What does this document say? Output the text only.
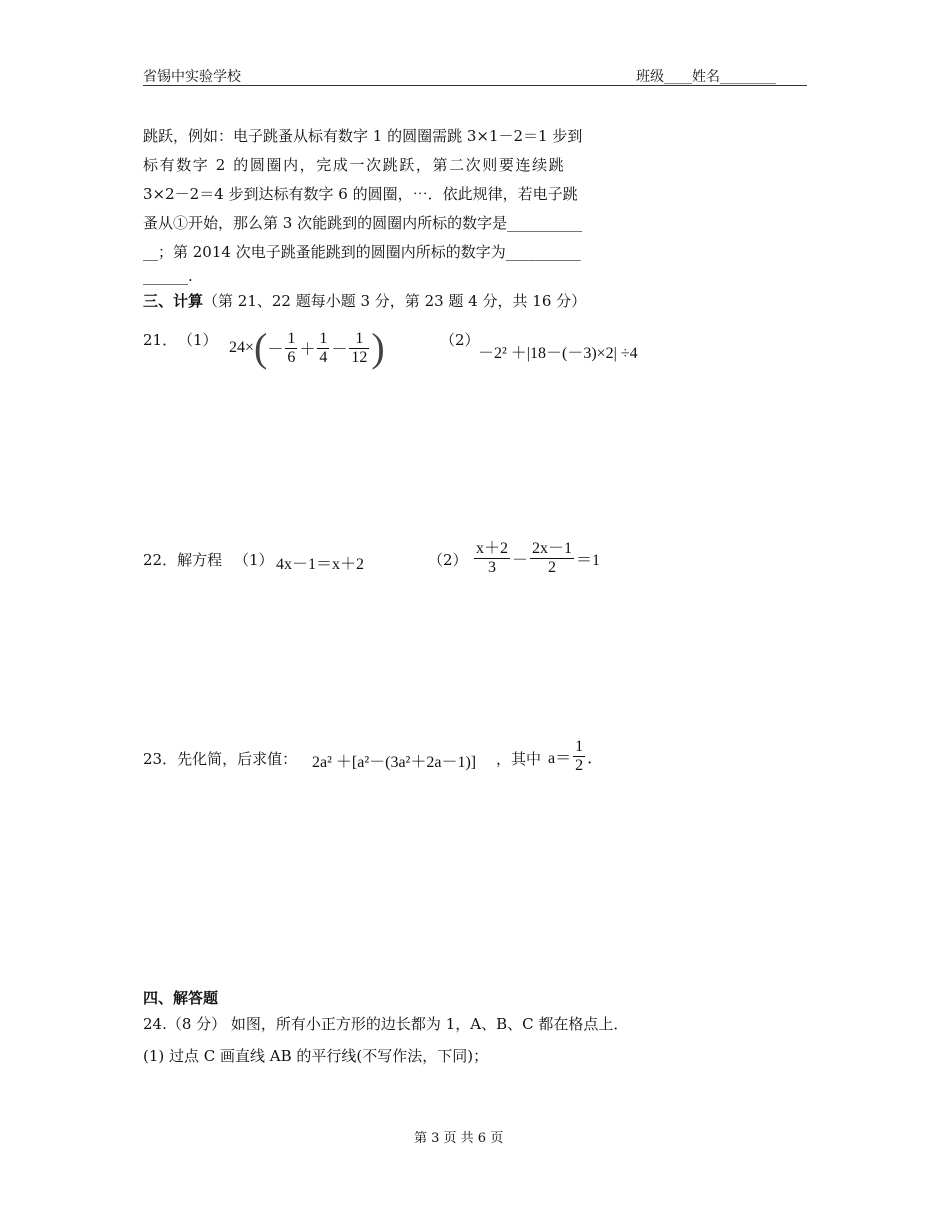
省锡中实验学校	班级____姓名________
跳跃，例如：电子跳蚤从标有数字 1 的圆圈需跳 3×1－2＝1 步到
标有数字 2 的圆圈内，完成一次跳跃，第二次则要连续跳
3×2－2＝4 步到达标有数字 6 的圆圈，⋯．依此规律，若电子跳
蚤从①开始，那么第 3 次能跳到的圆圈内所标的数字是__________
__；第 2014 次电子跳蚤能跳到的圆圈内所标的数字为__________
______.
三、计算（第 21、22 题每小题 3 分，第 23 题 4 分，共 16 分）
21． （1） $24\times(- \frac{1}{6} + \frac{1}{4} - \frac{1}{12}$ )	（2）
－2² ＋|18－(－3)×2| ÷4
22．解方程 （1） 4x－1＝x＋2	$(2) \frac{x+2}{3} - \frac{2x-1}{2} =1$
23．先化简，后求值： 2a² ＋[a²－(3a²＋2a－1)] ，其中 $a= \frac{1}{2}$ ．
四、解答题
24.（8 分） 如图，所有小正方形的边长都为 1，A、B、C 都在格点上．
(1) 过点 C 画直线 AB 的平行线(不写作法，下同)；
第 3 页 共 6 页
